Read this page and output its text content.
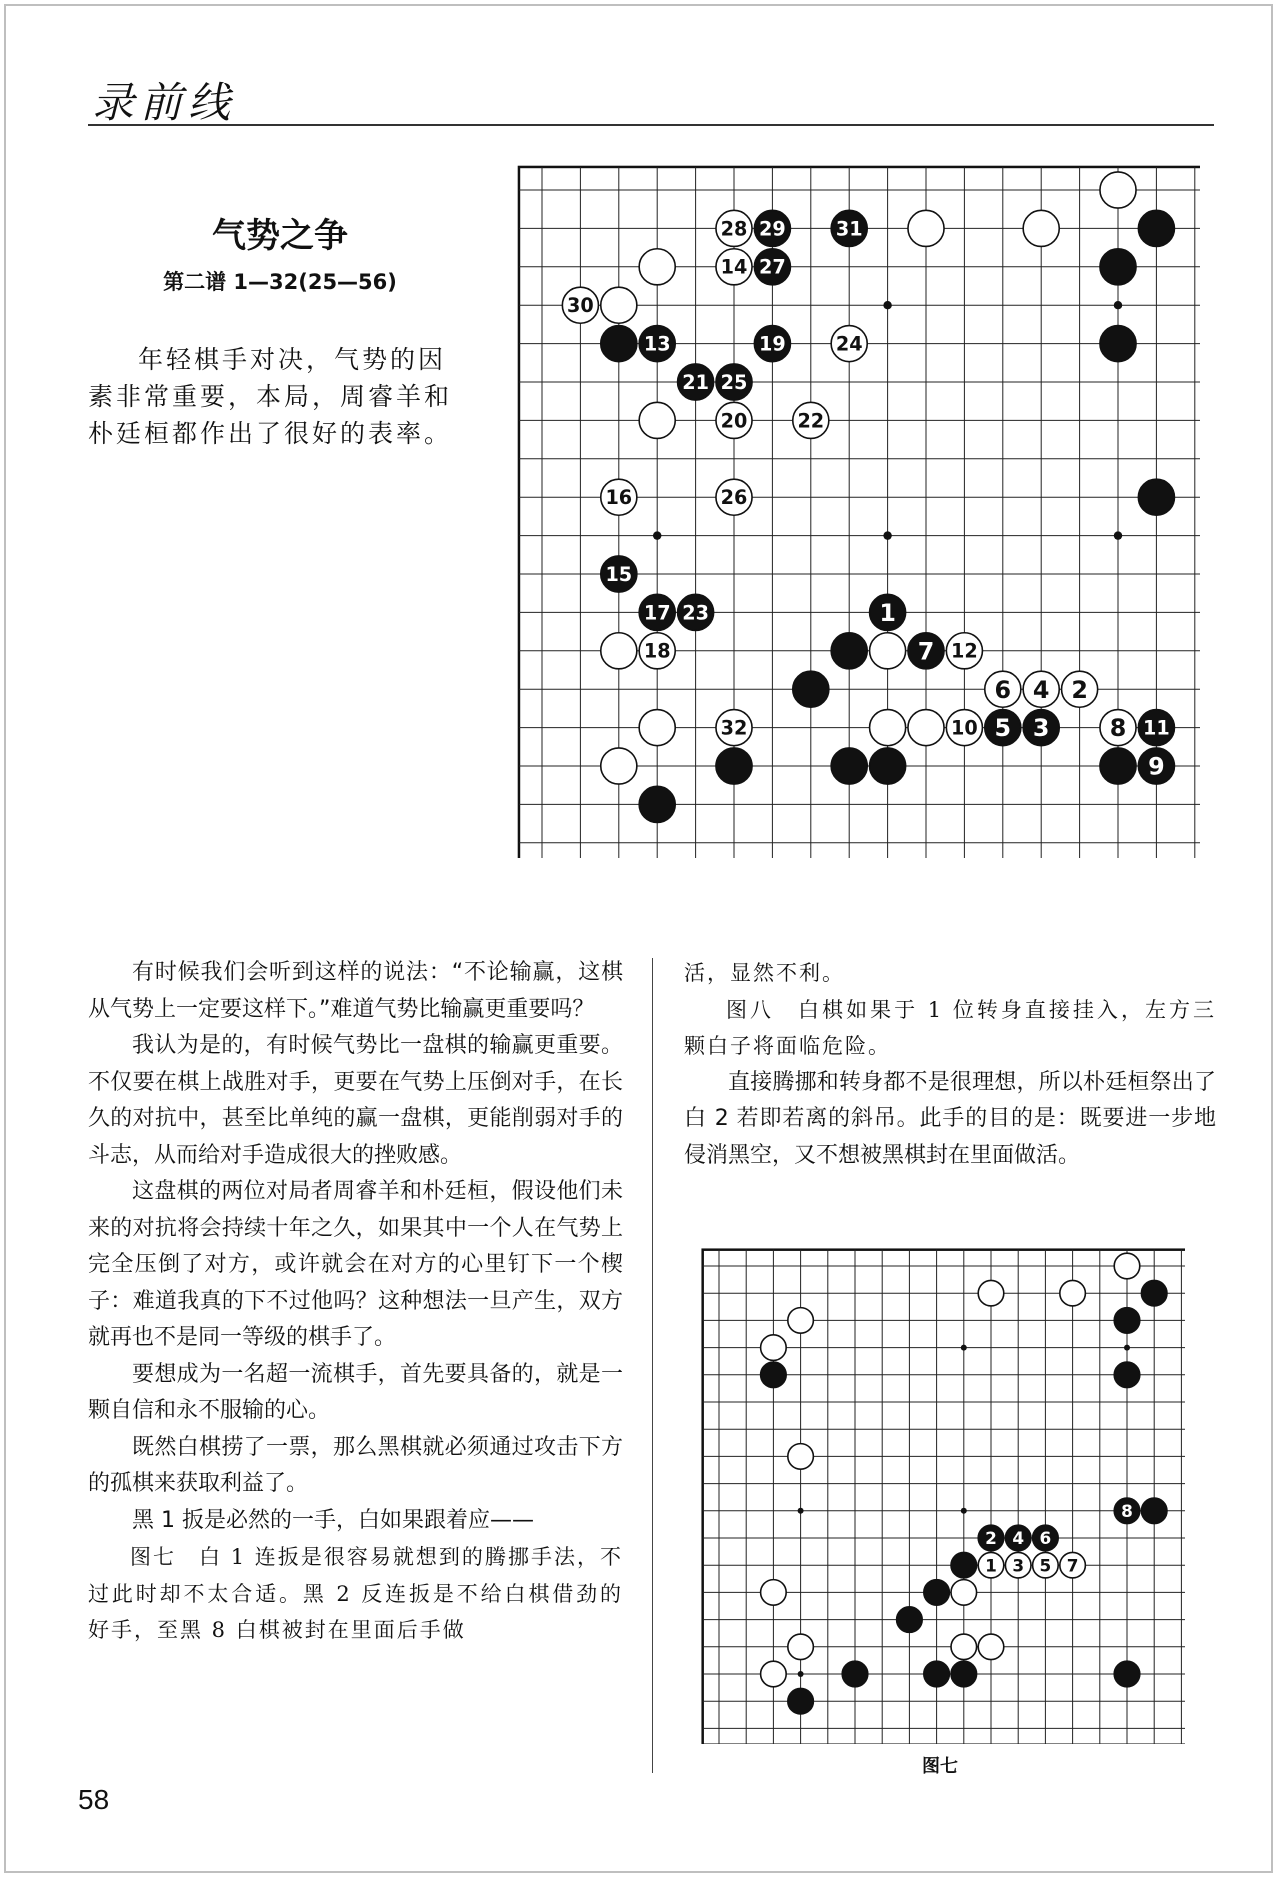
录前线
气势之争
第二谱 1—32(25—56)

年轻棋手对决，气势的因素非常重要，本局，周睿羊和朴廷桓都作出了很好的表率。

28 29	31
14 27
30
13	19	24
21 25
20	22
16	26
15
17 23	1
18	7 12
6 4 2
32	10 5 3	8 11
9

有时候我们会听到这样的说法：“不论输赢，这棋从气势上一定要这样下。”难道气势比输赢更重要吗？

我认为是的，有时候气势比一盘棋的输赢更重要。不仅要在棋上战胜对手，更要在气势上压倒对手，在长久的对抗中，甚至比单纯的赢一盘棋，更能削弱对手的斗志，从而给对手造成很大的挫败感。

这盘棋的两位对局者周睿羊和朴廷桓，假设他们未来的对抗将会持续十年之久，如果其中一个人在气势上完全压倒了对方，或许就会在对方的心里钉下一个楔子：难道我真的下不过他吗？这种想法一旦产生，双方就再也不是同一等级的棋手了。

要想成为一名超一流棋手，首先要具备的，就是一颗自信和永不服输的心。

既然白棋捞了一票，那么黑棋就必须通过攻击下方的孤棋来获取利益了。

黑 1 扳是必然的一手，白如果跟着应——

图七　白 1 连扳是很容易就想到的腾挪手法，不过此时却不太合适。黑 2 反连扳是不给白棋借劲的好手，至黑 8 白棋被封在里面后手做

活，显然不利。

图八　白棋如果于 1 位转身直接挂入，左方三颗白子将面临危险。

直接腾挪和转身都不是很理想，所以朴廷桓祭出了白 2 若即若离的斜吊。此手的目的是：既要进一步地侵消黑空，又不想被黑棋封在里面做活。

8
2 4 6
1 3 5 7
图七
58
